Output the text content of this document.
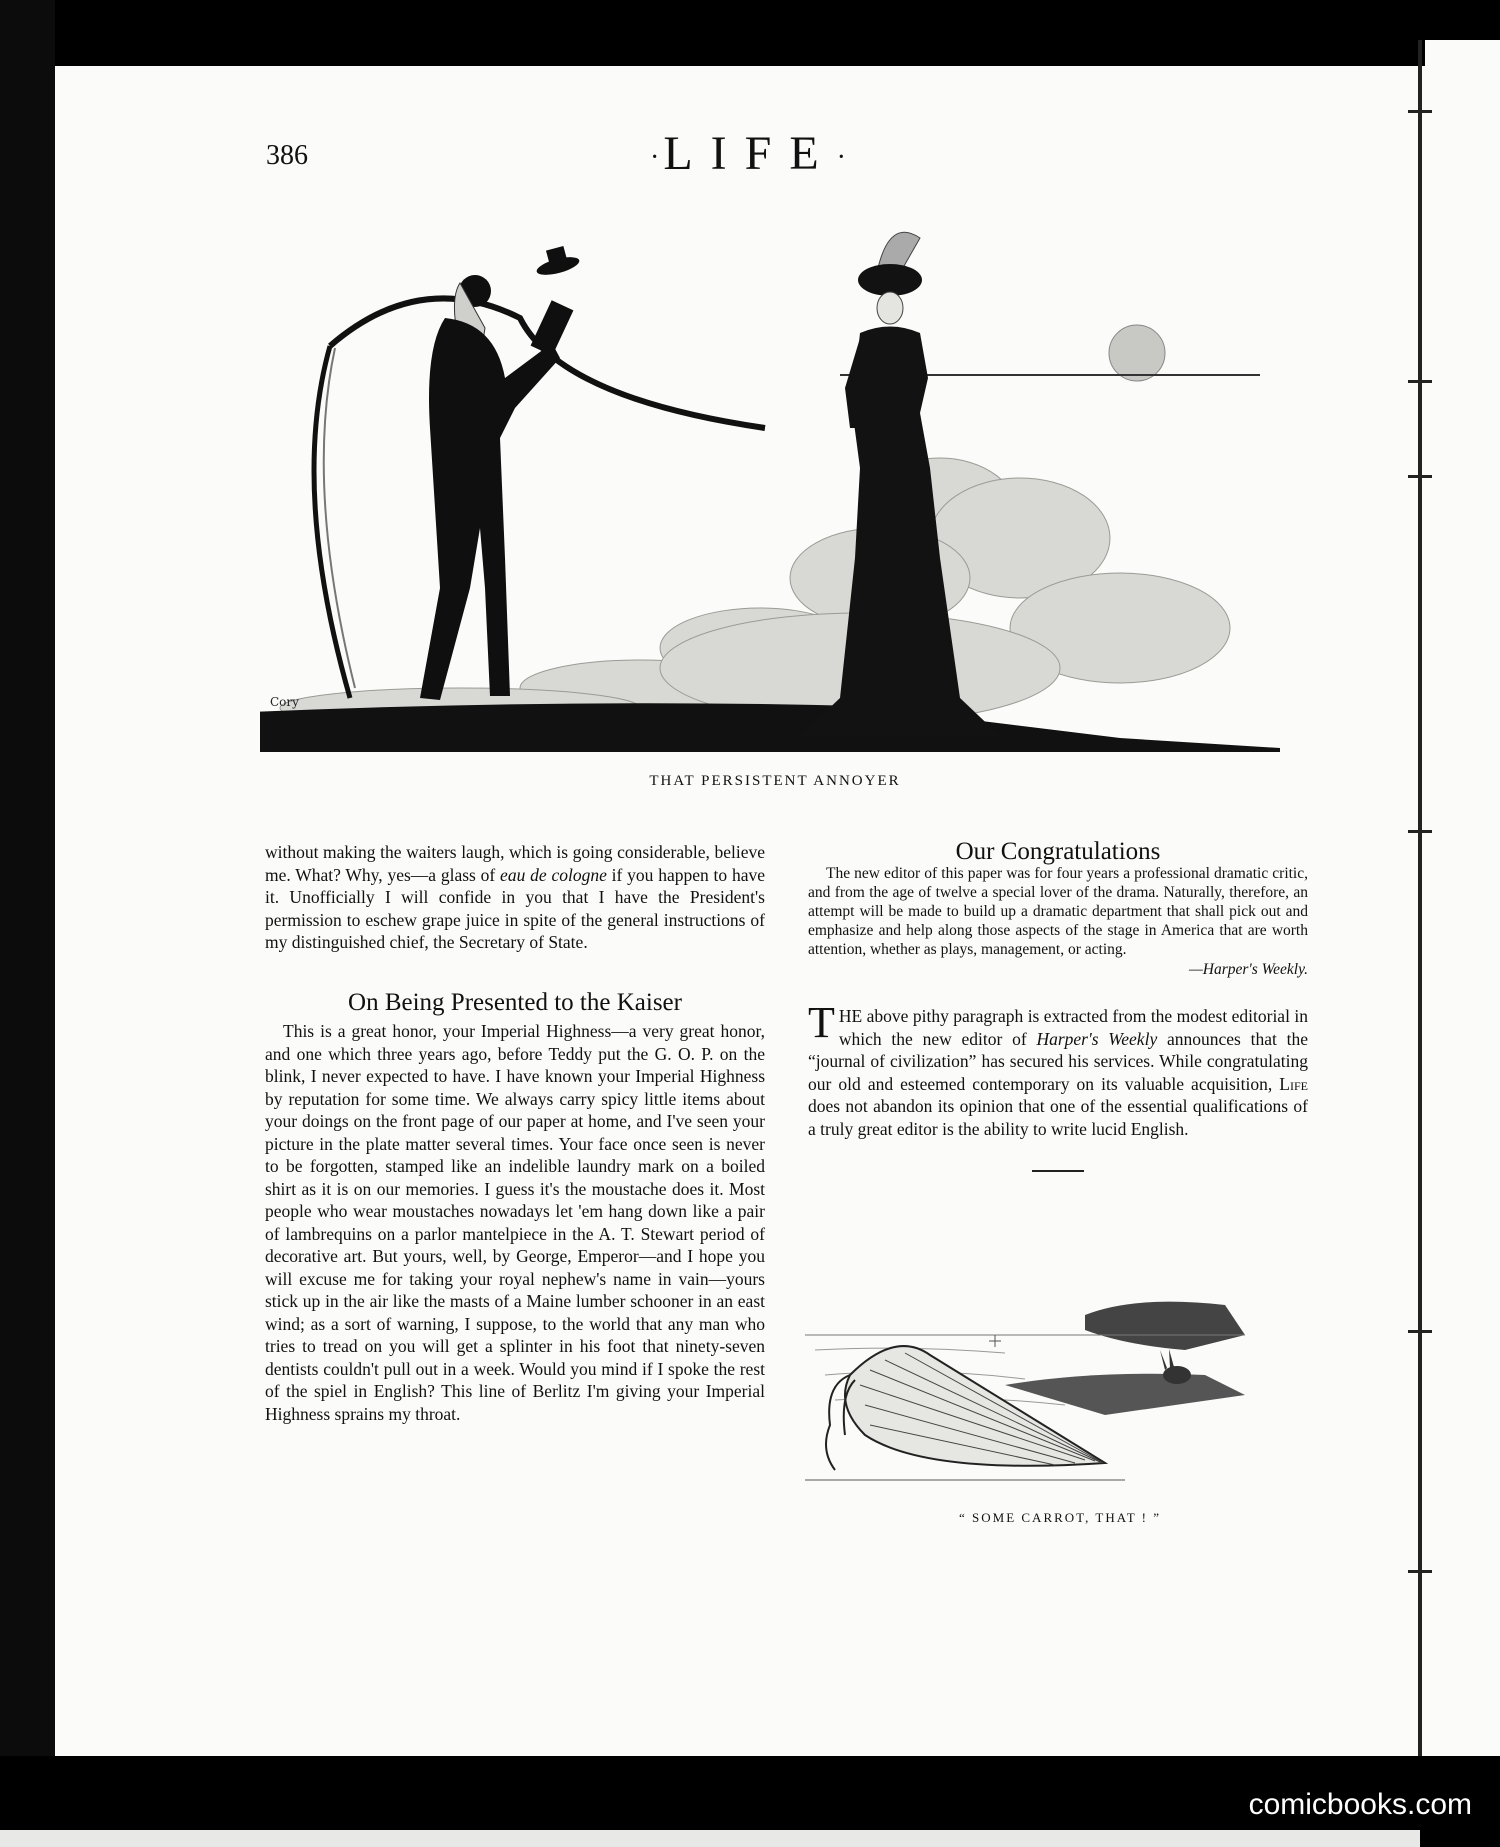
386	·LIFE·
Cory
THAT PERSISTENT ANNOYER

without making the waiters laugh, which is going considerable, believe me. What? Why, yes—a glass of eau de cologne if you happen to have it. Unofficially I will confide in you that I have the President's permission to eschew grape juice in spite of the general instructions of my distinguished chief, the Secretary of State.

On Being Presented to the Kaiser

This is a great honor, your Imperial Highness—a very great honor, and one which three years ago, before Teddy put the G. O. P. on the blink, I never expected to have. I have known your Imperial Highness by reputation for some time. We always carry spicy little items about your doings on the front page of our paper at home, and I've seen your picture in the plate matter several times. Your face once seen is never to be forgotten, stamped like an indelible laundry mark on a boiled shirt as it is on our memories. I guess it's the moustache does it. Most people who wear moustaches nowadays let 'em hang down like a pair of lambrequins on a parlor mantelpiece in the A. T. Stewart period of decorative art. But yours, well, by George, Emperor—and I hope you will excuse me for taking your royal nephew's name in vain—yours stick up in the air like the masts of a Maine lumber schooner in an east wind; as a sort of warning, I suppose, to the world that any man who tries to tread on you will get a splinter in his foot that ninety-seven dentists couldn't pull out in a week. Would you mind if I spoke the rest of the spiel in English? This line of Berlitz I'm giving your Imperial Highness sprains my throat.

Our Congratulations

The new editor of this paper was for four years a professional dramatic critic, and from the age of twelve a special lover of the drama. Naturally, therefore, an attempt will be made to build up a dramatic department that shall pick out and emphasize and help along those aspects of the stage in America that are worth attention, whether as plays, management, or acting.

—Harper's Weekly.

THE above pithy paragraph is extracted from the modest editorial in which the new editor of Harper's Weekly announces that the “journal of civilization” has secured his services. While congratulating our old and esteemed contemporary on its valuable acquisition, Life does not abandon its opinion that one of the essential qualifications of a truly great editor is the ability to write lucid English.

“ SOME CARROT, THAT ! ”
comicbooks.com
